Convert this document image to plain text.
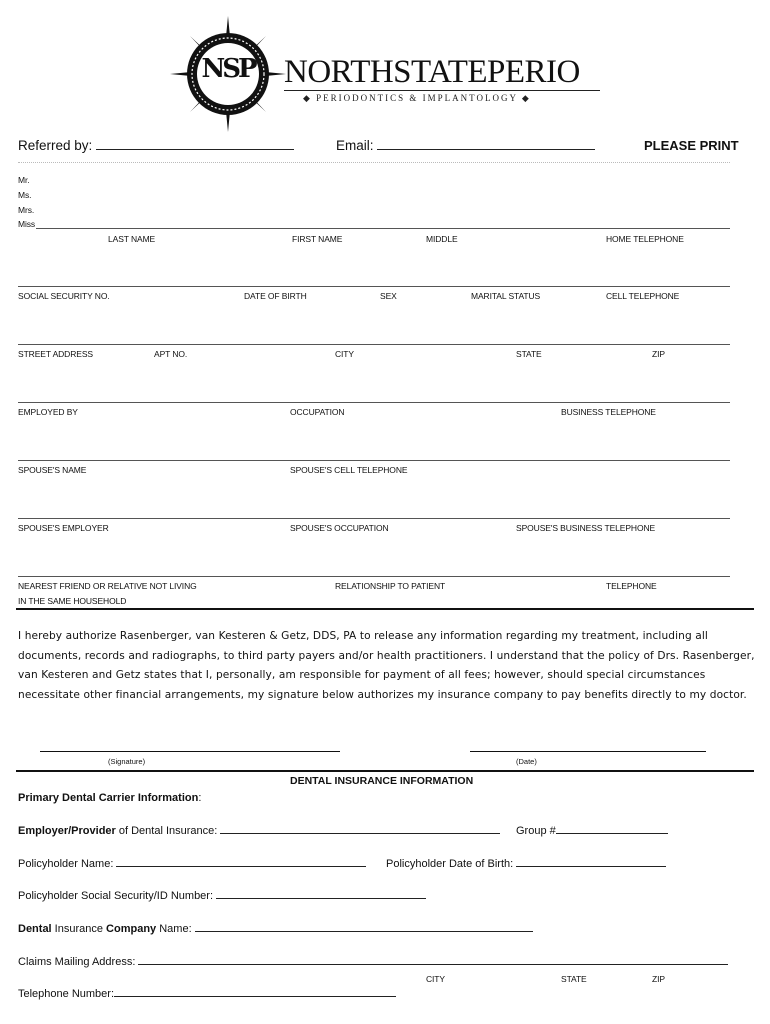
NSP NORTHSTATEPERIO
◆ PERIODONTICS & IMPLANTOLOGY ◆
Referred by:	Email:	PLEASE PRINT
Mr.
Ms.
Mrs.
Miss
LAST NAME	FIRST NAME	MIDDLE	HOME TELEPHONE
SOCIAL SECURITY NO.	DATE OF BIRTH	SEX	MARITAL STATUS	CELL TELEPHONE
STREET ADDRESS	APT NO.	CITY	STATE	ZIP
EMPLOYED BY	OCCUPATION	BUSINESS TELEPHONE
SPOUSE'S NAME	SPOUSE'S CELL TELEPHONE
SPOUSE'S EMPLOYER	SPOUSE'S OCCUPATION	SPOUSE'S BUSINESS TELEPHONE
NEAREST FRIEND OR RELATIVE NOT LIVING
IN THE SAME HOUSEHOLD
RELATIONSHIP TO PATIENT	TELEPHONE
I hereby authorize Rasenberger, van Kesteren & Getz, DDS, PA to release any information regarding my treatment, including all documents, records and radiographs, to third party payers and/or health practitioners. I understand that the policy of Drs. Rasenberger, van Kesteren and Getz states that I, personally, am responsible for payment of all fees; however, should special circumstances necessitate other financial arrangements, my signature below authorizes my insurance company to pay benefits directly to my doctor.
(Signature)	(Date)
DENTAL INSURANCE INFORMATION
Primary Dental Carrier Information:
Employer/Provider of Dental Insurance:	Group #
Policyholder Name:	Policyholder Date of Birth:
Policyholder Social Security/ID Number:
Dental Insurance Company Name:
Claims Mailing Address:
CITY	STATE	ZIP
Telephone Number:
